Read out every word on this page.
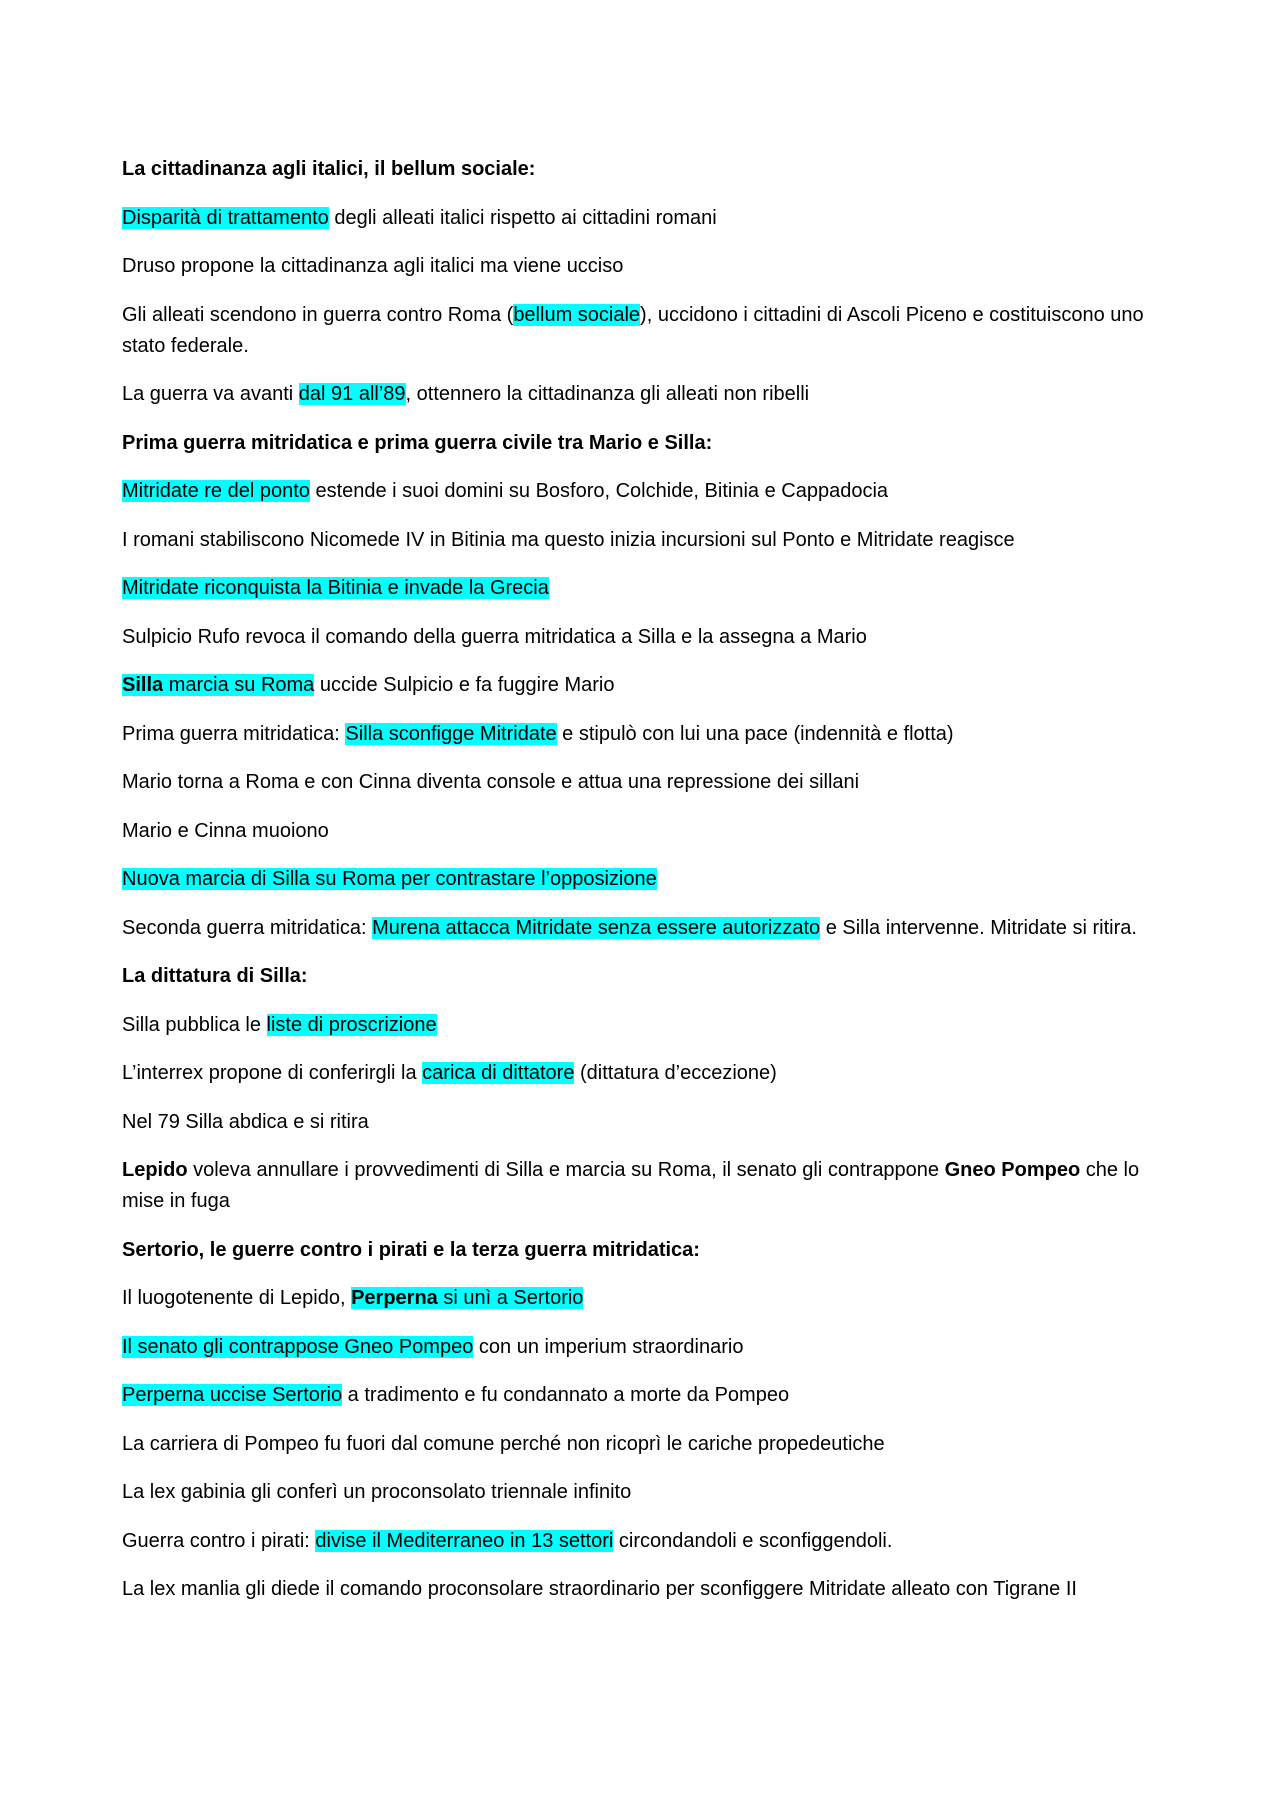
La cittadinanza agli italici, il bellum sociale:

Disparità di trattamento degli alleati italici rispetto ai cittadini romani

Druso propone la cittadinanza agli italici ma viene ucciso

Gli alleati scendono in guerra contro Roma (bellum sociale), uccidono i cittadini di Ascoli Piceno e costituiscono uno stato federale.

La guerra va avanti dal 91 all’89, ottennero la cittadinanza gli alleati non ribelli

Prima guerra mitridatica e prima guerra civile tra Mario e Silla:

Mitridate re del ponto estende i suoi domini su Bosforo, Colchide, Bitinia e Cappadocia

I romani stabiliscono Nicomede IV in Bitinia ma questo inizia incursioni sul Ponto e Mitridate reagisce

Mitridate riconquista la Bitinia e invade la Grecia

Sulpicio Rufo revoca il comando della guerra mitridatica a Silla e la assegna a Mario

Silla marcia su Roma uccide Sulpicio e fa fuggire Mario

Prima guerra mitridatica: Silla sconfigge Mitridate e stipulò con lui una pace (indennità e flotta)

Mario torna a Roma e con Cinna diventa console e attua una repressione dei sillani

Mario e Cinna muoiono

Nuova marcia di Silla su Roma per contrastare l’opposizione

Seconda guerra mitridatica: Murena attacca Mitridate senza essere autorizzato e Silla intervenne. Mitridate si ritira.

La dittatura di Silla:

Silla pubblica le liste di proscrizione

L’interrex propone di conferirgli la carica di dittatore (dittatura d’eccezione)

Nel 79 Silla abdica e si ritira

Lepido voleva annullare i provvedimenti di Silla e marcia su Roma, il senato gli contrappone Gneo Pompeo che lo mise in fuga

Sertorio, le guerre contro i pirati e la terza guerra mitridatica:

Il luogotenente di Lepido, Perperna si unì a Sertorio

Il senato gli contrappose Gneo Pompeo con un imperium straordinario

Perperna uccise Sertorio a tradimento e fu condannato a morte da Pompeo

La carriera di Pompeo fu fuori dal comune perché non ricoprì le cariche propedeutiche

La lex gabinia gli conferì un proconsolato triennale infinito

Guerra contro i pirati: divise il Mediterraneo in 13 settori circondandoli e sconfiggendoli.

La lex manlia gli diede il comando proconsolare straordinario per sconfiggere Mitridate alleato con Tigrane II
